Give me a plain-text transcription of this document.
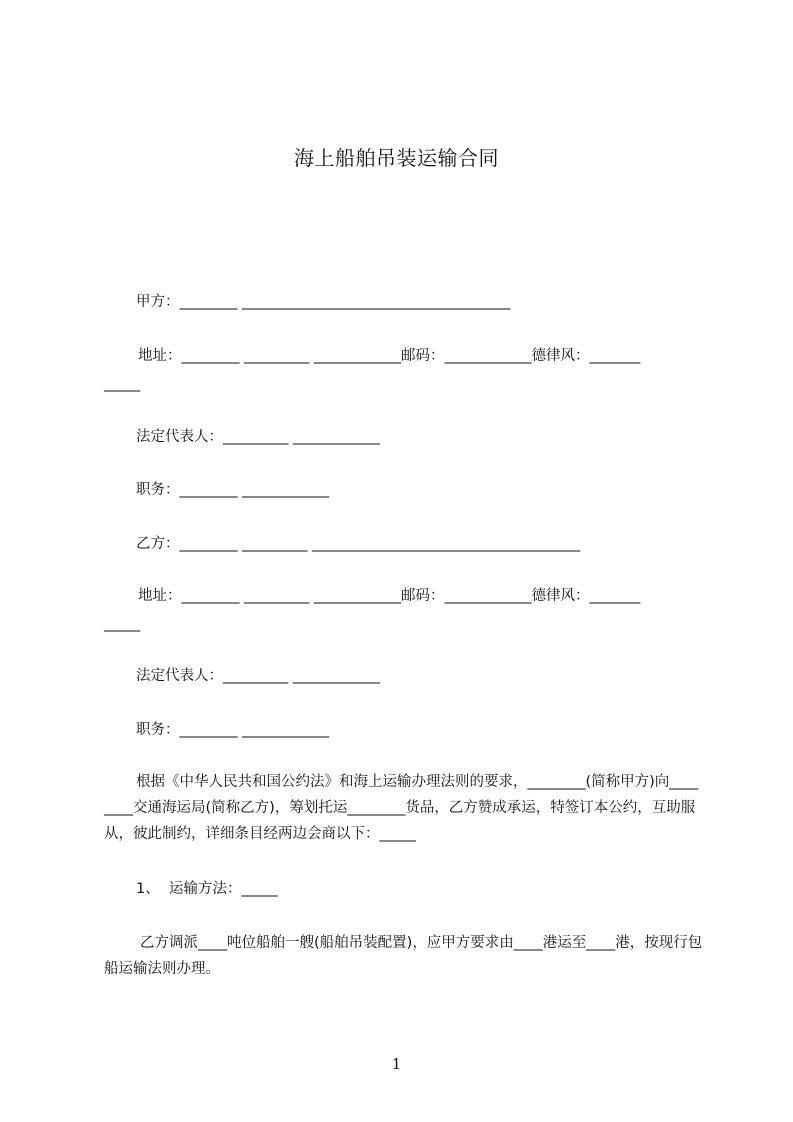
海上船舶吊装运输合同
甲方：________ _____________________________________
地址：________ _________ ____________邮码：____________德律风：_______
_____
法定代表人：_________ ____________
职务：________ ____________
乙方：________ _________ _____________________________________
地址：________ _________ ____________邮码：____________德律风：_______
_____
法定代表人：_________ ____________
职务：________ ____________
根据《中华人民共和国公约法》和海上运输办理法则的要求，________(简称甲方)向________交通海运局(简称乙方)，筹划托运________货品，乙方赞成承运，特签订本公约，互助服从，彼此制约，详细条目经两边会商以下：_____
1、  运输方法：_____
乙方调派____吨位船舶一艘(船舶吊装配置)，应甲方要求由____港运至____港，按现行包船运输法则办理。
1
